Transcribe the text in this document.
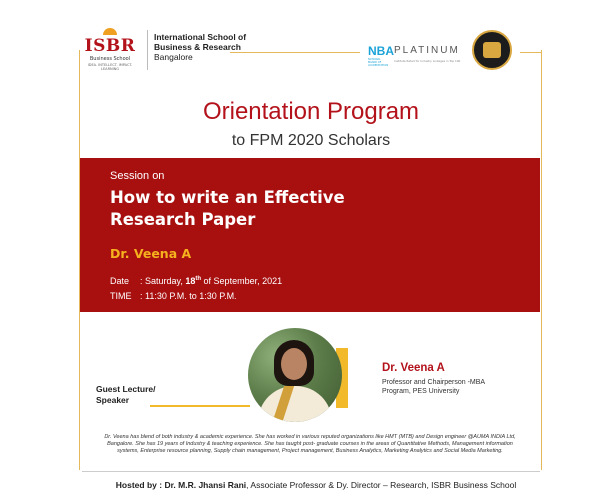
ISBR
Business School
IDEA. INTELLECT. IMPACT. LEARNING
International School of
Business & Research
Bangalore	NBA
NATIONAL BOARD OF ACCREDITATION
PLATINUM
Institute Rated for Industry Linkages in Top 100
Orientation Program
to FPM 2020 Scholars
Session on
How to write an Effective
Research Paper
Dr. Veena A
Date : Saturday, 18th of September, 2021
TIME : 11:30 P.M. to 1:30 P.M.
Guest Lecture/
Speaker
Dr. Veena A
Professor and Chairperson -MBA
Program, PES University
Dr. Veena has blend of both industry & academic experience. She has worked in various reputed organizations like HMT (MTB) and Design engineer @AUMA INDIA Ltd, Bangalore. She has 19 years of Industry & teaching experience. She has taught post- graduate courses in the areas of Quantitative Methods, Management information systems, Enterprise resource planning, Supply chain management, Project management, Business Analytics, Marketing Analytics and Social Media Marketing.
Hosted by : Dr. M.R. Jhansi Rani, Associate Professor & Dy. Director – Research, ISBR Business School
